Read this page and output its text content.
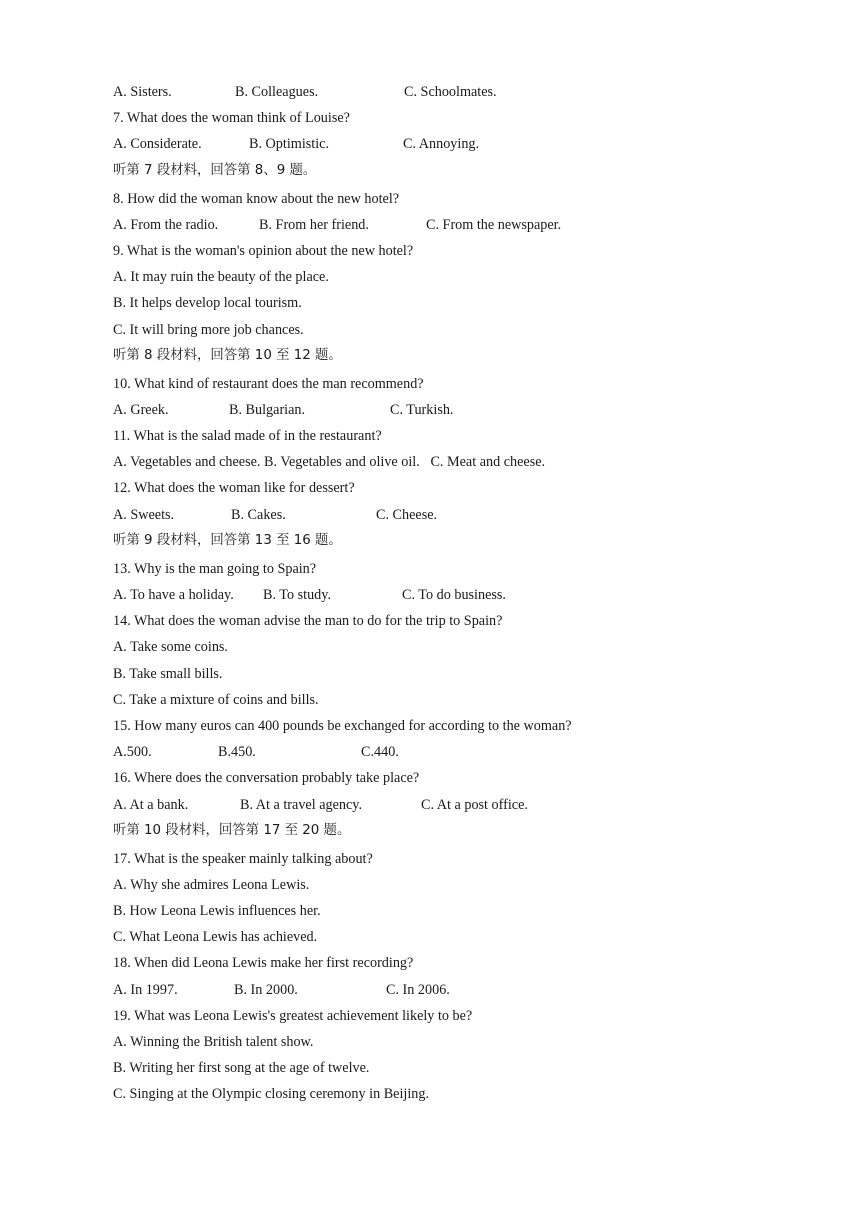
A. Sisters.	B. Colleagues.	C. Schoolmates.
7. What does the woman think of Louise?
A. Considerate.	B. Optimistic.	C. Annoying.
听第 7 段材料，回答第 8、9 题。
8. How did the woman know about the new hotel?
A. From the radio.	B. From her friend.	C. From the newspaper.
9. What is the woman's opinion about the new hotel?
A. It may ruin the beauty of the place.
B. It helps develop local tourism.
C. It will bring more job chances.
听第 8 段材料，回答第 10 至 12 题。
10. What kind of restaurant does the man recommend?
A. Greek.	B. Bulgarian.	C. Turkish.
11. What is the salad made of in the restaurant?
A. Vegetables and cheese. B. Vegetables and olive oil. C. Meat and cheese.
12. What does the woman like for dessert?
A. Sweets.	B. Cakes.	C. Cheese.
听第 9 段材料，回答第 13 至 16 题。
13. Why is the man going to Spain?
A. To have a holiday. B. To study.	C. To do business.
14. What does the woman advise the man to do for the trip to Spain?
A. Take some coins.
B. Take small bills.
C. Take a mixture of coins and bills.
15. How many euros can 400 pounds be exchanged for according to the woman?
A.500.	B.450.	C.440.
16. Where does the conversation probably take place?
A. At a bank.	B. At a travel agency.	C. At a post office.
听第 10 段材料，回答第 17 至 20 题。
17. What is the speaker mainly talking about?
A. Why she admires Leona Lewis.
B. How Leona Lewis influences her.
C. What Leona Lewis has achieved.
18. When did Leona Lewis make her first recording?
A. In 1997.	B. In 2000.	C. In 2006.
19. What was Leona Lewis's greatest achievement likely to be?
A. Winning the British talent show.
B. Writing her first song at the age of twelve.
C. Singing at the Olympic closing ceremony in Beijing.
